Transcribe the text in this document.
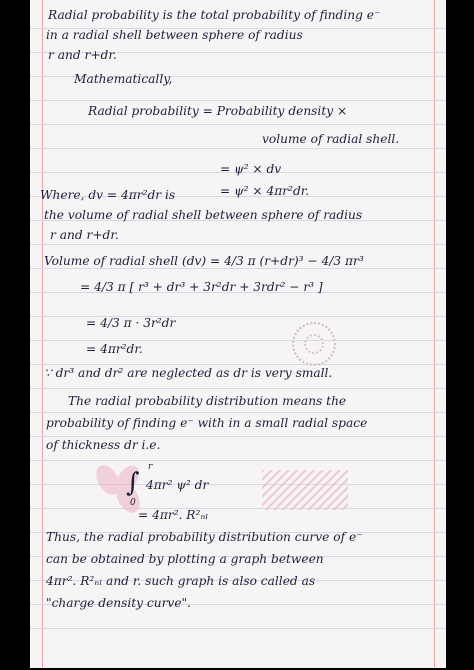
Radial probability is the total probability of finding e⁻
in a radial shell between sphere of radius
r and r+dr.
Mathematically,
Radial probability = Probability density ×
volume of radial shell.
= ψ² × dv
Where, dv = 4πr²dr is	= ψ² × 4πr²dr.
the volume of radial shell between sphere of radius
r and r+dr.
Volume of radial shell (dv) = 4/3 π (r+dr)³ − 4/3 πr³
= 4/3 π [ r³ + dr³ + 3r²dr + 3rdr² − r³ ]
= 4/3 π · 3r²dr
= 4πr²dr.
∵ dr³ and dr² are neglected as dr is very small.
The radial probability distribution means the
probability of finding e⁻ with in a small radial space
of thickness dr i.e.
r
∫
0
4πr² ψ² dr
= 4πr². R²ₙₗ
Thus, the radial probability distribution curve of e⁻
can be obtained by plotting a graph between
4πr². R²ₙₗ and r. such graph is also called as
"charge density curve".
